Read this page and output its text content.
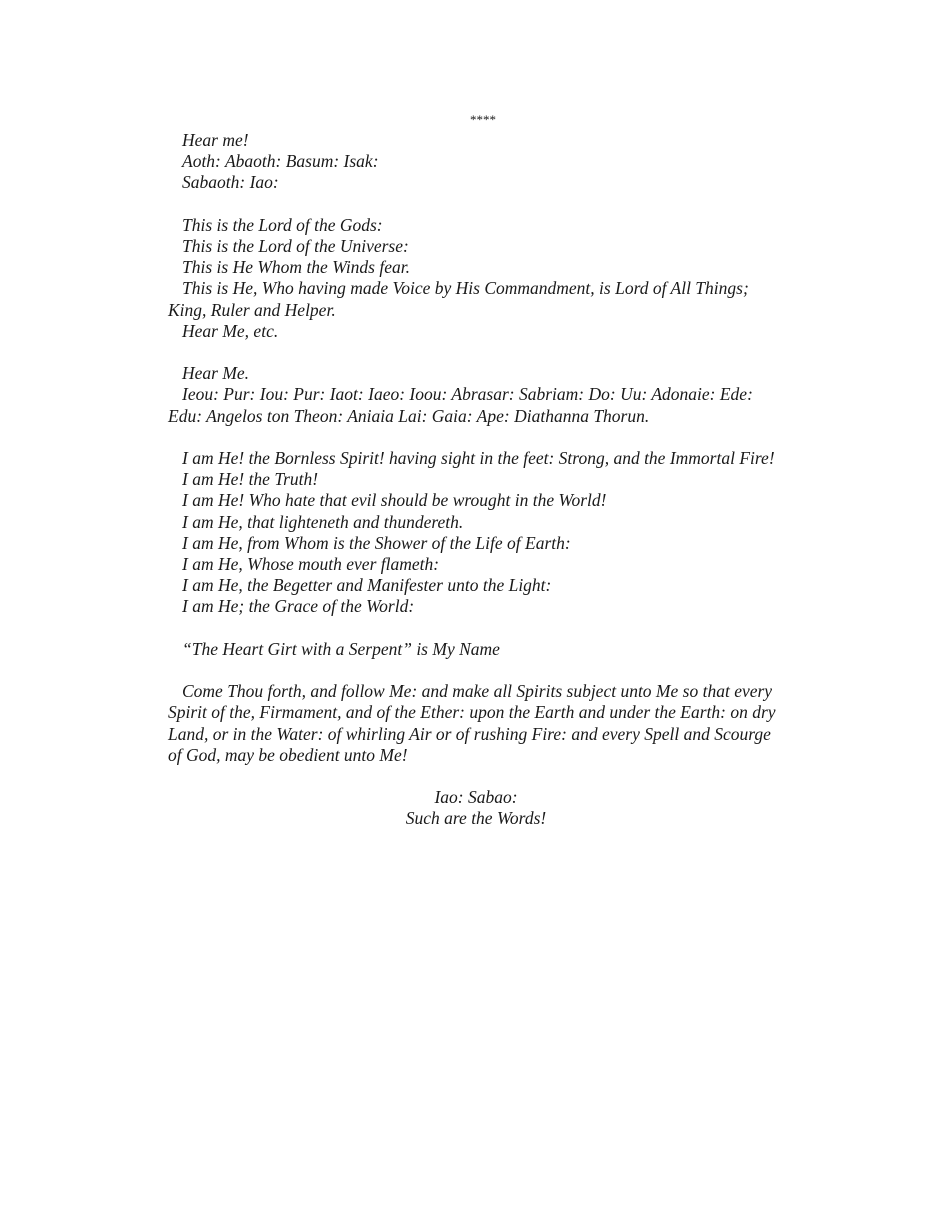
****

Hear me!

Aoth: Abaoth: Basum: Isak:

Sabaoth: Iao:

This is the Lord of the Gods:

This is the Lord of the Universe:

This is He Whom the Winds fear.

This is He, Who having made Voice by His Commandment, is Lord of All Things; King, Ruler and Helper.

Hear Me, etc.

Hear Me.

Ieou: Pur: Iou: Pur: Iaot: Iaeo: Ioou: Abrasar: Sabriam: Do: Uu: Adonaie: Ede: Edu: Angelos ton Theon: Aniaia Lai: Gaia: Ape: Diathanna Thorun.

I am He! the Bornless Spirit! having sight in the feet: Strong, and the Immortal Fire!

I am He! the Truth!

I am He! Who hate that evil should be wrought in the World!

I am He, that lighteneth and thundereth.

I am He, from Whom is the Shower of the Life of Earth:

I am He, Whose mouth ever flameth:

I am He, the Begetter and Manifester unto the Light:

I am He; the Grace of the World:

“The Heart Girt with a Serpent” is My Name

Come Thou forth, and follow Me: and make all Spirits subject unto Me so that every Spirit of the, Firmament, and of the Ether: upon the Earth and under the Earth: on dry Land, or in the Water: of whirling Air or of rushing Fire: and every Spell and Scourge of God, may be obedient unto Me!

Iao: Sabao:

Such are the Words!
